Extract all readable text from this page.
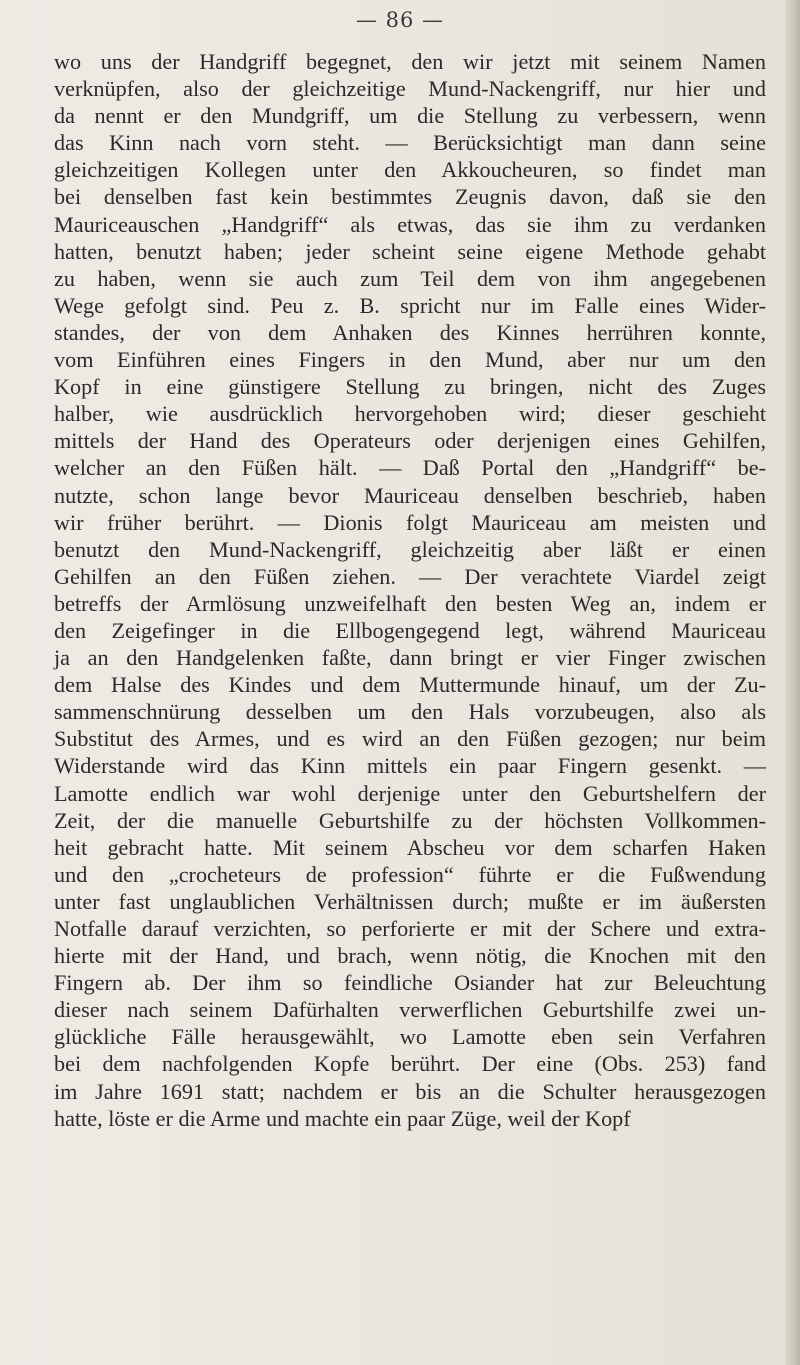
— 86 —
wo uns der Handgriff begegnet, den wir jetzt mit seinem Namen
verknüpfen, also der gleichzeitige Mund-Nackengriff, nur hier und
da nennt er den Mundgriff, um die Stellung zu verbessern, wenn
das Kinn nach vorn steht. — Berücksichtigt man dann seine
gleichzeitigen Kollegen unter den Akkoucheuren, so findet man
bei denselben fast kein bestimmtes Zeugnis davon, daß sie den
Mauriceauschen „Handgriff“ als etwas, das sie ihm zu verdanken
hatten, benutzt haben; jeder scheint seine eigene Methode gehabt
zu haben, wenn sie auch zum Teil dem von ihm angegebenen
Wege gefolgt sind. Peu z. B. spricht nur im Falle eines Wider-
standes, der von dem Anhaken des Kinnes herrühren konnte,
vom Einführen eines Fingers in den Mund, aber nur um den
Kopf in eine günstigere Stellung zu bringen, nicht des Zuges
halber, wie ausdrücklich hervorgehoben wird; dieser geschieht
mittels der Hand des Operateurs oder derjenigen eines Gehilfen,
welcher an den Füßen hält. — Daß Portal den „Handgriff“ be-
nutzte, schon lange bevor Mauriceau denselben beschrieb, haben
wir früher berührt. — Dionis folgt Mauriceau am meisten und
benutzt den Mund-Nackengriff, gleichzeitig aber läßt er einen
Gehilfen an den Füßen ziehen. — Der verachtete Viardel zeigt
betreffs der Armlösung unzweifelhaft den besten Weg an, indem er
den Zeigefinger in die Ellbogengegend legt, während Mauriceau
ja an den Handgelenken faßte, dann bringt er vier Finger zwischen
dem Halse des Kindes und dem Muttermunde hinauf, um der Zu-
sammenschnürung desselben um den Hals vorzubeugen, also als
Substitut des Armes, und es wird an den Füßen gezogen; nur beim
Widerstande wird das Kinn mittels ein paar Fingern gesenkt. —
Lamotte endlich war wohl derjenige unter den Geburtshelfern der
Zeit, der die manuelle Geburtshilfe zu der höchsten Vollkommen-
heit gebracht hatte. Mit seinem Abscheu vor dem scharfen Haken
und den „crocheteurs de profession“ führte er die Fußwendung
unter fast unglaublichen Verhältnissen durch; mußte er im äußersten
Notfalle darauf verzichten, so perforierte er mit der Schere und extra-
hierte mit der Hand, und brach, wenn nötig, die Knochen mit den
Fingern ab. Der ihm so feindliche Osiander hat zur Beleuchtung
dieser nach seinem Dafürhalten verwerflichen Geburtshilfe zwei un-
glückliche Fälle herausgewählt, wo Lamotte eben sein Verfahren
bei dem nachfolgenden Kopfe berührt. Der eine (Obs. 253) fand
im Jahre 1691 statt; nachdem er bis an die Schulter herausgezogen
hatte, löste er die Arme und machte ein paar Züge, weil der Kopf
